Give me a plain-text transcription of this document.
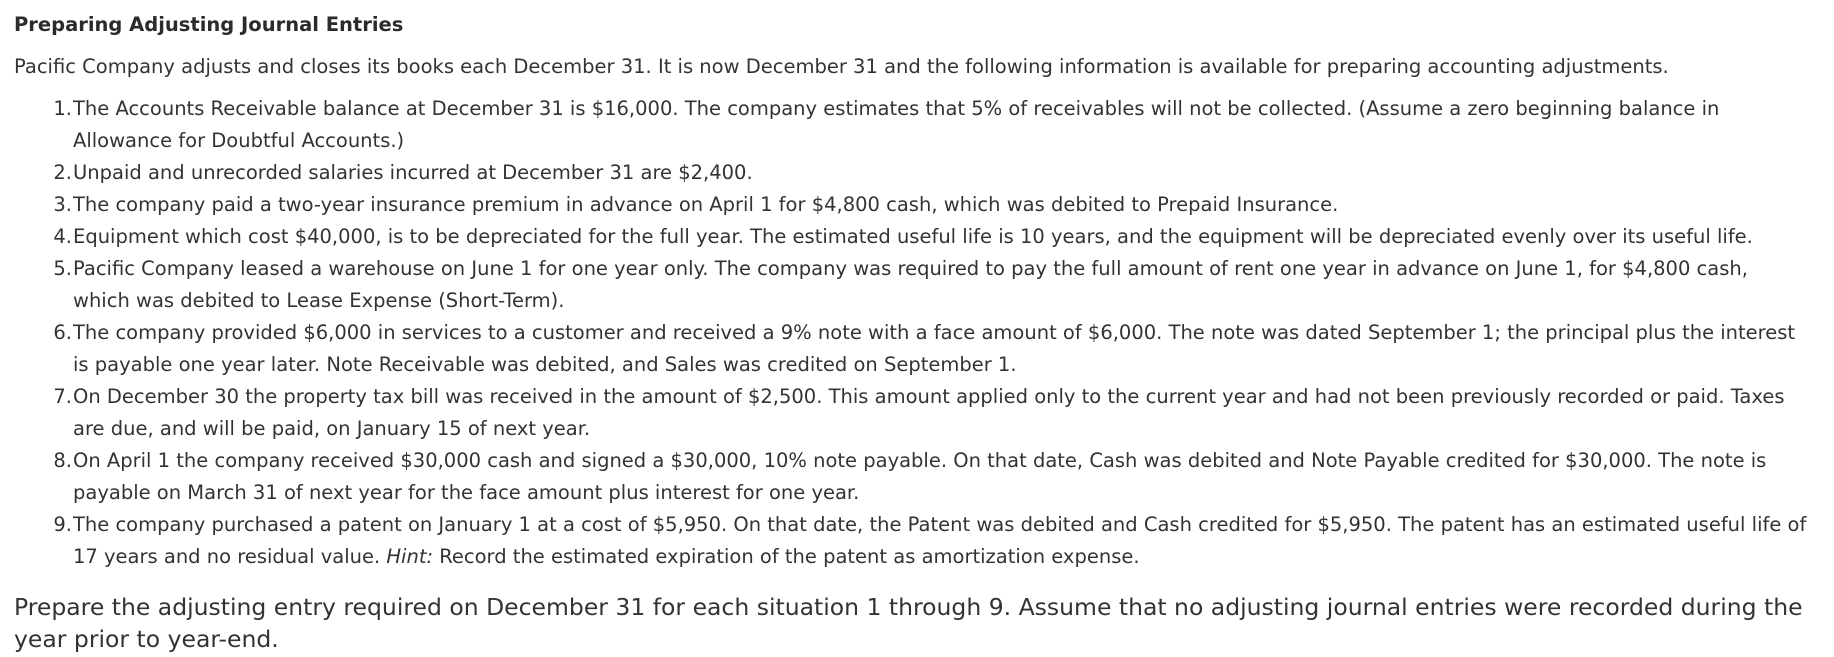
Preparing Adjusting Journal Entries

Pacific Company adjusts and closes its books each December 31. It is now December 31 and the following information is available for preparing accounting adjustments.

1. The Accounts Receivable balance at December 31 is $16,000. The company estimates that 5% of receivables will not be collected. (Assume a zero beginning balance in Allowance for Doubtful Accounts.)
2. Unpaid and unrecorded salaries incurred at December 31 are $2,400.
3. The company paid a two-year insurance premium in advance on April 1 for $4,800 cash, which was debited to Prepaid Insurance.
4. Equipment which cost $40,000, is to be depreciated for the full year. The estimated useful life is 10 years, and the equipment will be depreciated evenly over its useful life.
5. Pacific Company leased a warehouse on June 1 for one year only. The company was required to pay the full amount of rent one year in advance on June 1, for $4,800 cash, which was debited to Lease Expense (Short-Term).
6. The company provided $6,000 in services to a customer and received a 9% note with a face amount of $6,000. The note was dated September 1; the principal plus the interest is payable one year later. Note Receivable was debited, and Sales was credited on September 1.
7. On December 30 the property tax bill was received in the amount of $2,500. This amount applied only to the current year and had not been previously recorded or paid. Taxes are due, and will be paid, on January 15 of next year.
8. On April 1 the company received $30,000 cash and signed a $30,000, 10% note payable. On that date, Cash was debited and Note Payable credited for $30,000. The note is payable on March 31 of next year for the face amount plus interest for one year.
9. The company purchased a patent on January 1 at a cost of $5,950. On that date, the Patent was debited and Cash credited for $5,950. The patent has an estimated useful life of 17 years and no residual value. Hint: Record the estimated expiration of the patent as amortization expense.

Prepare the adjusting entry required on December 31 for each situation 1 through 9. Assume that no adjusting journal entries were recorded during the year prior to year-end.
